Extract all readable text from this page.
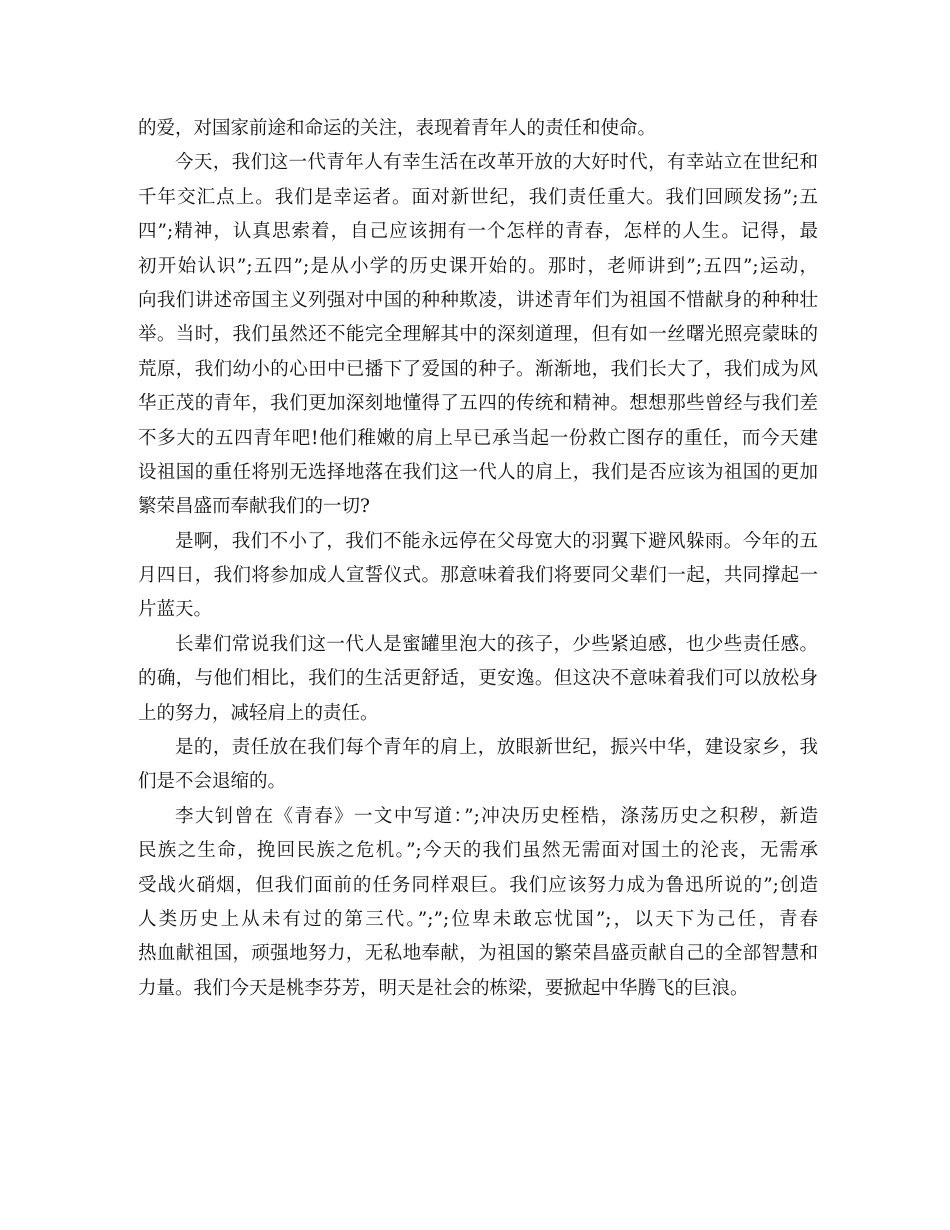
的爱，对国家前途和命运的关注，表现着青年人的责任和使命。
今天，我们这一代青年人有幸生活在改革开放的大好时代，有幸站立在世纪和
千年交汇点上。我们是幸运者。面对新世纪，我们责任重大。我们回顾发扬”;五
四”;精神，认真思索着，自己应该拥有一个怎样的青春，怎样的人生。记得，最
初开始认识”;五四”;是从小学的历史课开始的。那时，老师讲到”;五四”;运动，
向我们讲述帝国主义列强对中国的种种欺凌，讲述青年们为祖国不惜献身的种种壮
举。当时，我们虽然还不能完全理解其中的深刻道理，但有如一丝曙光照亮蒙昧的
荒原，我们幼小的心田中已播下了爱国的种子。渐渐地，我们长大了，我们成为风
华正茂的青年，我们更加深刻地懂得了五四的传统和精神。想想那些曾经与我们差
不多大的五四青年吧!他们稚嫩的肩上早已承当起一份救亡图存的重任，而今天建
设祖国的重任将别无选择地落在我们这一代人的肩上，我们是否应该为祖国的更加
繁荣昌盛而奉献我们的一切?
是啊，我们不小了，我们不能永远停在父母宽大的羽翼下避风躲雨。今年的五
月四日，我们将参加成人宣誓仪式。那意味着我们将要同父辈们一起，共同撑起一
片蓝天。
长辈们常说我们这一代人是蜜罐里泡大的孩子，少些紧迫感，也少些责任感。
的确，与他们相比，我们的生活更舒适，更安逸。但这决不意味着我们可以放松身
上的努力，减轻肩上的责任。
是的，责任放在我们每个青年的肩上，放眼新世纪，振兴中华，建设家乡，我
们是不会退缩的。
李大钊曾在《青春》一文中写道：”;冲决历史桎梏，涤荡历史之积秽，新造
民族之生命，挽回民族之危机。”;今天的我们虽然无需面对国土的沦丧，无需承
受战火硝烟，但我们面前的任务同样艰巨。我们应该努力成为鲁迅所说的”;创造
人类历史上从未有过的第三代。”;”;位卑未敢忘忧国”;，以天下为己任，青春
热血献祖国，顽强地努力，无私地奉献，为祖国的繁荣昌盛贡献自己的全部智慧和
力量。我们今天是桃李芬芳，明天是社会的栋梁，要掀起中华腾飞的巨浪。
